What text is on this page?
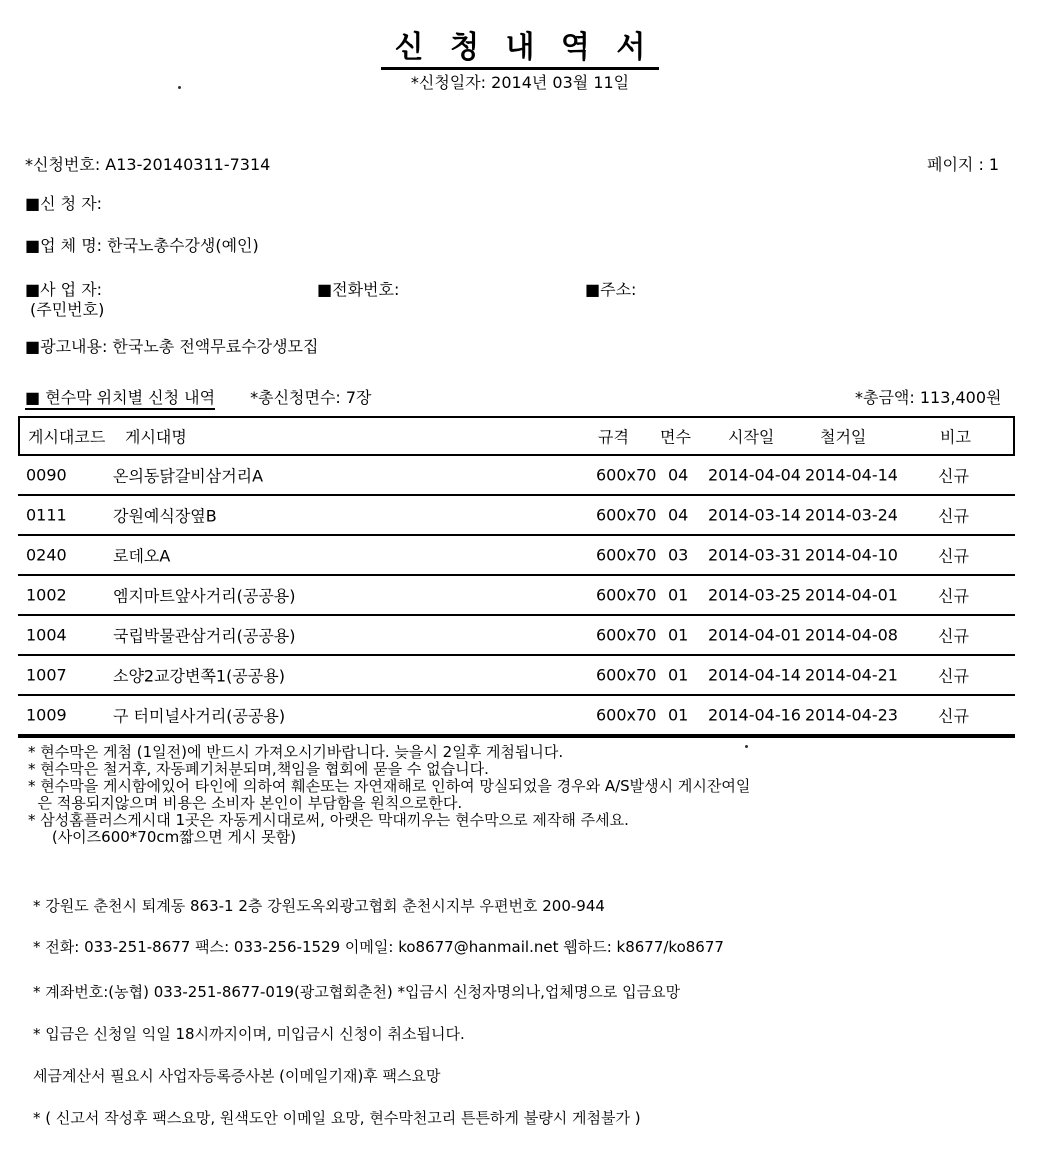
신 청 내 역 서
*신청일자: 2014년 03월 11일
*신청번호: A13-20140311-7314	페이지 : 1
■신 청 자:
■업 체 명: 한국노총수강생(예인)
■사 업 자:
(주민번호)
■전화번호:	■주소:
■광고내용: 한국노총 전액무료수강생모집
■ 현수막 위치별 신청 내역 *총신청면수: 7장	*총금액: 113,400원
게시대코드 게시대명	규격 면수 시작일	철거일	비고
0090	온의동닭갈비삼거리A	600x70 04 2014-04-04 2014-04-14	신규
0111	강원예식장옆B	600x70 04 2014-03-14 2014-03-24	신규
0240	로데오A	600x70 03 2014-03-31 2014-04-10	신규
1002	엠지마트앞사거리(공공용)	600x70 01 2014-03-25 2014-04-01	신규
1004	국립박물관삼거리(공공용)	600x70 01 2014-04-01 2014-04-08	신규
1007	소양2교강변쪽1(공공용)	600x70 01 2014-04-14 2014-04-21	신규
1009	구 터미널사거리(공공용)	600x70 01 2014-04-16 2014-04-23	신규
* 현수막은 게첨 (1일전)에 반드시 가져오시기바랍니다. 늦을시 2일후 게첨됩니다.
* 현수막은 철거후, 자동폐기처분되며,책임을 협회에 묻을 수 없습니다.
* 현수막을 게시함에있어 타인에 의하여 훼손또는 자연재해로 인하여 망실되었을 경우와 A/S발생시 게시잔여일
은 적용되지않으며 비용은 소비자 본인이 부담함을 원칙으로한다.
* 삼성홈플러스게시대 1곳은 자동게시대로써, 아랫은 막대끼우는 현수막으로 제작해 주세요.
(사이즈600*70cm짧으면 게시 못함)
* 강원도 춘천시 퇴계동 863-1 2층 강원도옥외광고협회 춘천시지부 우편번호 200-944
* 전화: 033-251-8677 팩스: 033-256-1529 이메일: ko8677@hanmail.net 웹하드: k8677/ko8677
* 계좌번호:(농협) 033-251-8677-019(광고협회춘천) *입금시 신청자명의나,업체명으로 입금요망
* 입금은 신청일 익일 18시까지이며, 미입금시 신청이 취소됩니다.
세금계산서 필요시 사업자등록증사본 (이메일기재)후 팩스요망
* ( 신고서 작성후 팩스요망, 원색도안 이메일 요망, 현수막천고리 튼튼하게 불량시 게첨불가 )
